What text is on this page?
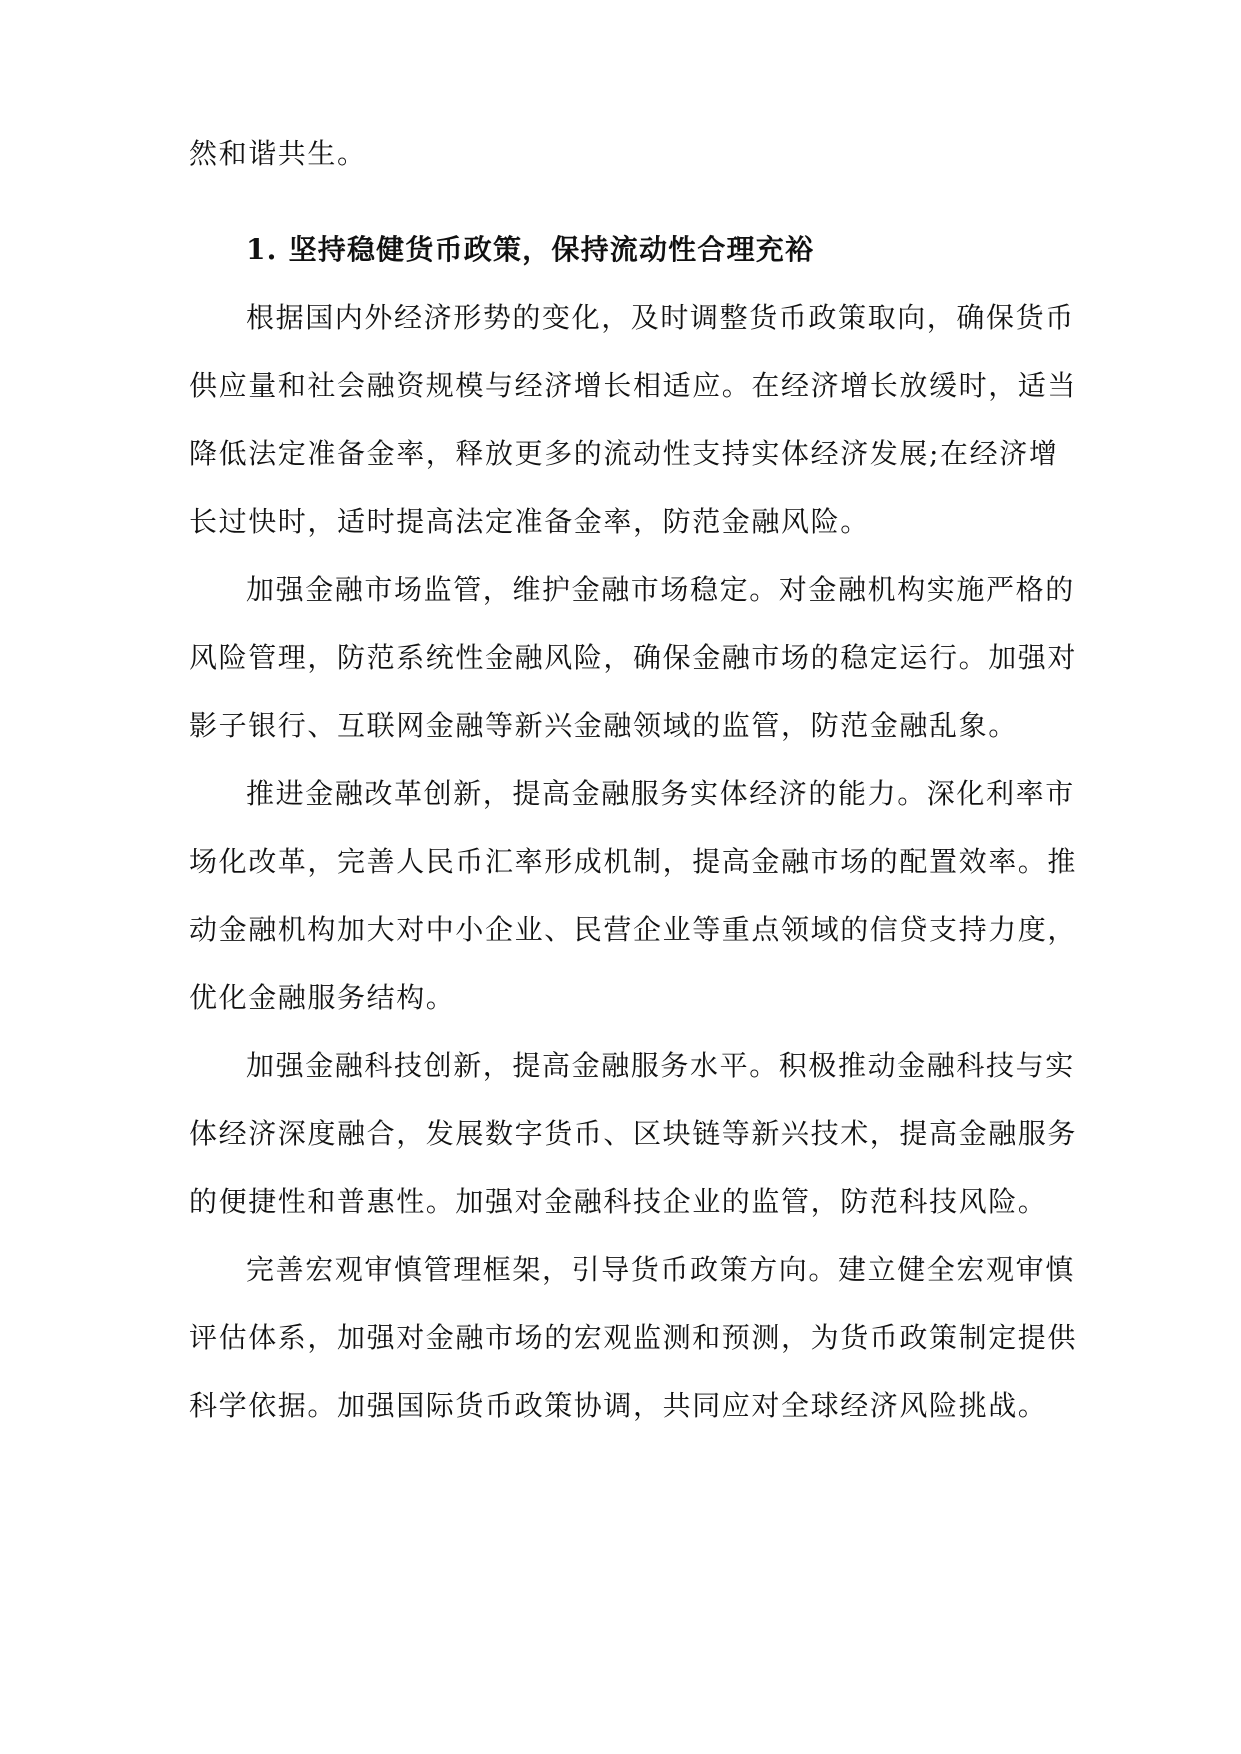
然和谐共生。
1. 坚持稳健货币政策，保持流动性合理充裕
根据国内外经济形势的变化，及时调整货币政策取向，确保货币
供应量和社会融资规模与经济增长相适应。在经济增长放缓时，适当
降低法定准备金率，释放更多的流动性支持实体经济发展;在经济增
长过快时，适时提高法定准备金率，防范金融风险。
加强金融市场监管，维护金融市场稳定。对金融机构实施严格的
风险管理，防范系统性金融风险，确保金融市场的稳定运行。加强对
影子银行、互联网金融等新兴金融领域的监管，防范金融乱象。
推进金融改革创新，提高金融服务实体经济的能力。深化利率市
场化改革，完善人民币汇率形成机制，提高金融市场的配置效率。推
动金融机构加大对中小企业、民营企业等重点领域的信贷支持力度，
优化金融服务结构。
加强金融科技创新，提高金融服务水平。积极推动金融科技与实
体经济深度融合，发展数字货币、区块链等新兴技术，提高金融服务
的便捷性和普惠性。加强对金融科技企业的监管，防范科技风险。
完善宏观审慎管理框架，引导货币政策方向。建立健全宏观审慎
评估体系，加强对金融市场的宏观监测和预测，为货币政策制定提供
科学依据。加强国际货币政策协调，共同应对全球经济风险挑战。
